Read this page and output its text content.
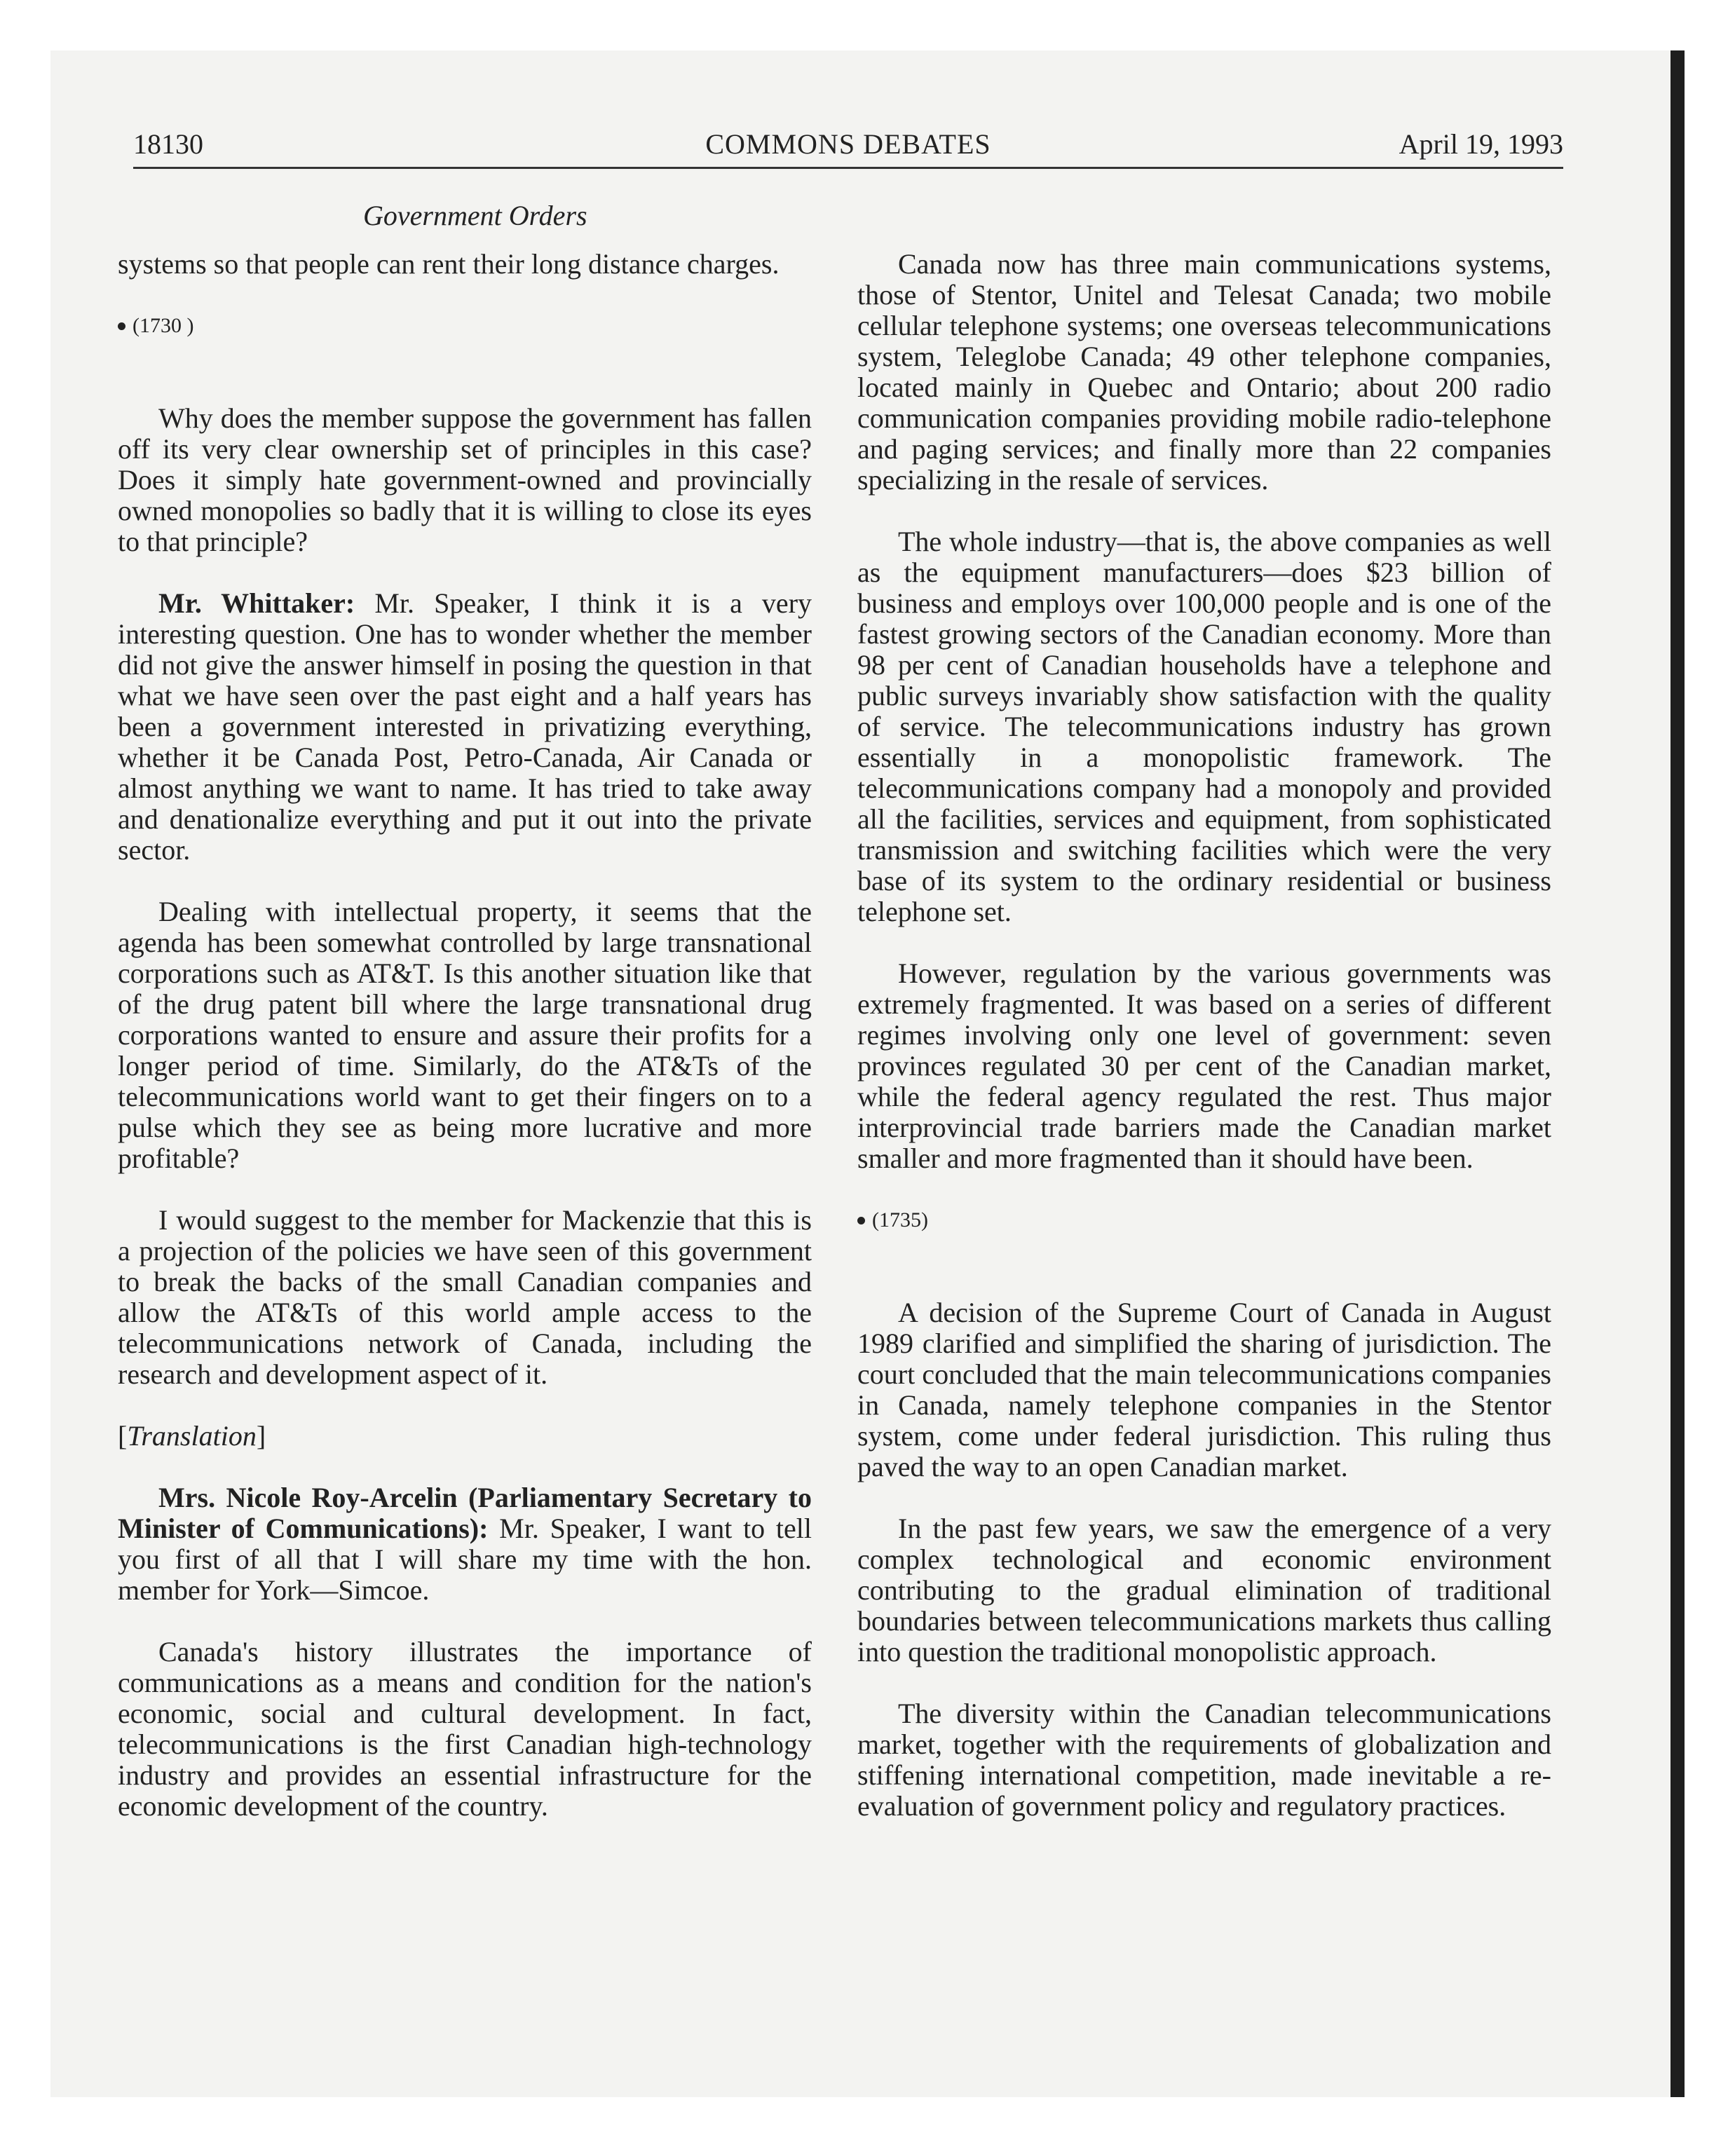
18130	COMMONS DEBATES	April 19, 1993
Government Orders

systems so that people can rent their long distance charges.

(1730 )

Why does the member suppose the government has fallen off its very clear ownership set of principles in this case? Does it simply hate government-owned and provincially owned monopolies so badly that it is willing to close its eyes to that principle?

Mr. Whittaker: Mr. Speaker, I think it is a very interesting question. One has to wonder whether the member did not give the answer himself in posing the question in that what we have seen over the past eight and a half years has been a government interested in privatizing everything, whether it be Canada Post, Petro-Canada, Air Canada or almost anything we want to name. It has tried to take away and denationalize everything and put it out into the private sector.

Dealing with intellectual property, it seems that the agenda has been somewhat controlled by large transnational corporations such as AT&T. Is this another situation like that of the drug patent bill where the large transnational drug corporations wanted to ensure and assure their profits for a longer period of time. Similarly, do the AT&Ts of the telecommunications world want to get their fingers on to a pulse which they see as being more lucrative and more profitable?

I would suggest to the member for Mackenzie that this is a projection of the policies we have seen of this government to break the backs of the small Canadian companies and allow the AT&Ts of this world ample access to the telecommunications network of Canada, including the research and development aspect of it.

[Translation]

Mrs. Nicole Roy-Arcelin (Parliamentary Secretary to Minister of Communications): Mr. Speaker, I want to tell you first of all that I will share my time with the hon. member for York—Simcoe.

Canada's history illustrates the importance of communications as a means and condition for the nation's economic, social and cultural development. In fact, telecommunications is the first Canadian high-technology industry and provides an essential infrastructure for the economic development of the country.

Canada now has three main communications systems, those of Stentor, Unitel and Telesat Canada; two mobile cellular telephone systems; one overseas telecommunications system, Teleglobe Canada; 49 other telephone companies, located mainly in Quebec and Ontario; about 200 radio communication companies providing mobile radio-telephone and paging services; and finally more than 22 companies specializing in the resale of services.

The whole industry—that is, the above companies as well as the equipment manufacturers—does $23 billion of business and employs over 100,000 people and is one of the fastest growing sectors of the Canadian economy. More than 98 per cent of Canadian households have a telephone and public surveys invariably show satisfaction with the quality of service. The telecommunications industry has grown essentially in a monopolistic framework. The telecommunications company had a monopoly and provided all the facilities, services and equipment, from sophisticated transmission and switching facilities which were the very base of its system to the ordinary residential or business telephone set.

However, regulation by the various governments was extremely fragmented. It was based on a series of different regimes involving only one level of government: seven provinces regulated 30 per cent of the Canadian market, while the federal agency regulated the rest. Thus major interprovincial trade barriers made the Canadian market smaller and more fragmented than it should have been.

(1735)

A decision of the Supreme Court of Canada in August 1989 clarified and simplified the sharing of jurisdiction. The court concluded that the main telecommunications companies in Canada, namely telephone companies in the Stentor system, come under federal jurisdiction. This ruling thus paved the way to an open Canadian market.

In the past few years, we saw the emergence of a very complex technological and economic environment contributing to the gradual elimination of traditional boundaries between telecommunications markets thus calling into question the traditional monopolistic approach.

The diversity within the Canadian telecommunications market, together with the requirements of globalization and stiffening international competition, made inevitable a re-evaluation of government policy and regulatory practices.
